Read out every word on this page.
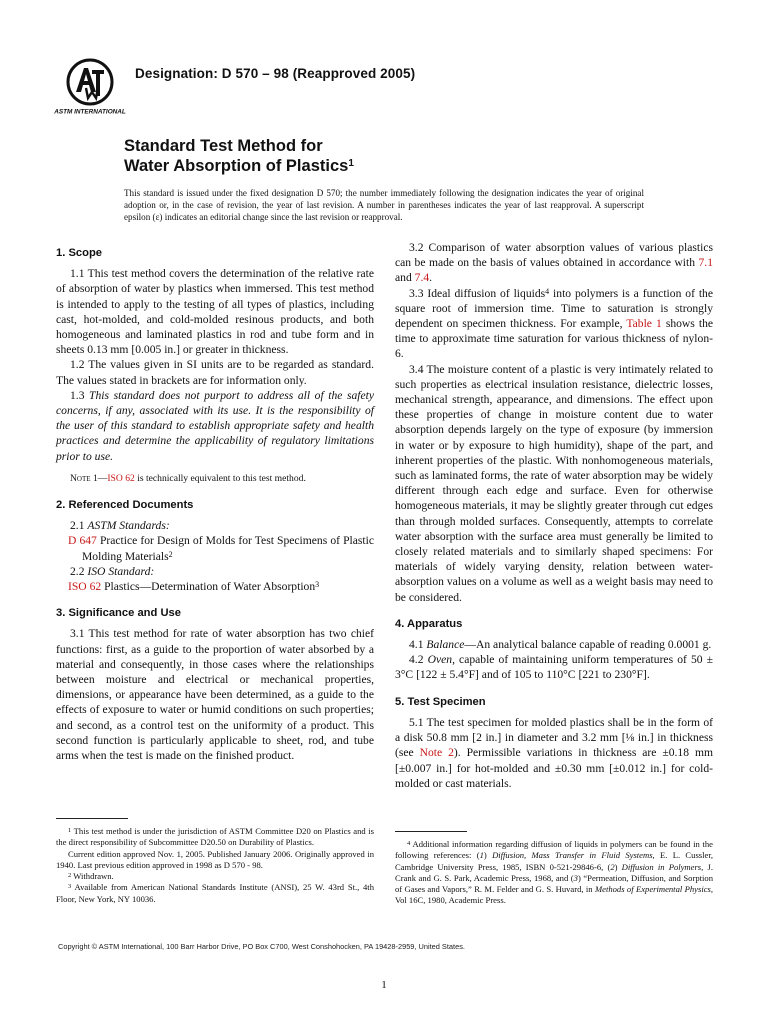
ASTM INTERNATIONAL
Designation: D 570 – 98 (Reapproved 2005)
Standard Test Method for
Water Absorption of Plastics$^1$
This standard is issued under the fixed designation D 570; the number immediately following the designation indicates the year of original adoption or, in the case of revision, the year of last revision. A number in parentheses indicates the year of last reapproval. A superscript epsilon (ε) indicates an editorial change since the last revision or reapproval.

1. Scope

1.1 This test method covers the determination of the relative rate of absorption of water by plastics when immersed. This test method is intended to apply to the testing of all types of plastics, including cast, hot-molded, and cold-molded resinous products, and both homogeneous and laminated plastics in rod and tube form and in sheets 0.13 mm [0.005 in.] or greater in thickness.

1.2 The values given in SI units are to be regarded as standard. The values stated in brackets are for information only.

1.3 This standard does not purport to address all of the safety concerns, if any, associated with its use. It is the responsibility of the user of this standard to establish appropriate safety and health practices and determine the applicability of regulatory limitations prior to use.

Note 1—ISO 62 is technically equivalent to this test method.

2. Referenced Documents

2.1 ASTM Standards:

D 647 Practice for Design of Molds for Test Specimens of Plastic Molding Materials$^2$

2.2 ISO Standard:

ISO 62 Plastics—Determination of Water Absorption$^3$

3. Significance and Use

3.1 This test method for rate of water absorption has two chief functions: first, as a guide to the proportion of water absorbed by a material and consequently, in those cases where the relationships between moisture and electrical or mechanical properties, dimensions, or appearance have been determined, as a guide to the effects of exposure to water or humid conditions on such properties; and second, as a control test on the uniformity of a product. This second function is particularly applicable to sheet, rod, and tube arms when the test is made on the finished product.

3.2 Comparison of water absorption values of various plastics can be made on the basis of values obtained in accordance with 7.1 and 7.4.

3.3 Ideal diffusion of liquids$^4$ into polymers is a function of the square root of immersion time. Time to saturation is strongly dependent on specimen thickness. For example, Table 1 shows the time to approximate time saturation for various thickness of nylon-6.

3.4 The moisture content of a plastic is very intimately related to such properties as electrical insulation resistance, dielectric losses, mechanical strength, appearance, and dimensions. The effect upon these properties of change in moisture content due to water absorption depends largely on the type of exposure (by immersion in water or by exposure to high humidity), shape of the part, and inherent properties of the plastic. With nonhomogeneous materials, such as laminated forms, the rate of water absorption may be widely different through each edge and surface. Even for otherwise homogeneous materials, it may be slightly greater through cut edges than through molded surfaces. Consequently, attempts to correlate water absorption with the surface area must generally be limited to closely related materials and to similarly shaped specimens: For materials of widely varying density, relation between water-absorption values on a volume as well as a weight basis may need to be considered.

4. Apparatus

4.1 Balance—An analytical balance capable of reading 0.0001 g.

4.2 Oven, capable of maintaining uniform temperatures of 50 ± 3°C [122 ± 5.4°F] and of 105 to 110°C [221 to 230°F].

5. Test Specimen

5.1 The test specimen for molded plastics shall be in the form of a disk 50.8 mm [2 in.] in diameter and 3.2 mm [⅛ in.] in thickness (see Note 2). Permissible variations in thickness are ±0.18 mm [±0.007 in.] for hot-molded and ±0.30 mm [±0.012 in.] for cold-molded or cast materials.

$^1$ This test method is under the jurisdiction of ASTM Committee D20 on Plastics and is the direct responsibility of Subcommittee D20.50 on Durability of Plastics.

Current edition approved Nov. 1, 2005. Published January 2006. Originally approved in 1940. Last previous edition approved in 1998 as D 570 - 98.

$^2$ Withdrawn.

$^3$ Available from American National Standards Institute (ANSI), 25 W. 43rd St., 4th Floor, New York, NY 10036.

$^4$ Additional information regarding diffusion of liquids in polymers can be found in the following references: (1) Diffusion, Mass Transfer in Fluid Systems, E. L. Cussler, Cambridge University Press, 1985, ISBN 0-521-29846-6, (2) Diffusion in Polymers, J. Crank and G. S. Park, Academic Press, 1968, and (3) “Permeation, Diffusion, and Sorption of Gases and Vapors,” R. M. Felder and G. S. Huvard, in Methods of Experimental Physics, Vol 16C, 1980, Academic Press.

Copyright © ASTM International, 100 Barr Harbor Drive, PO Box C700, West Conshohocken, PA 19428-2959, United States.
1
